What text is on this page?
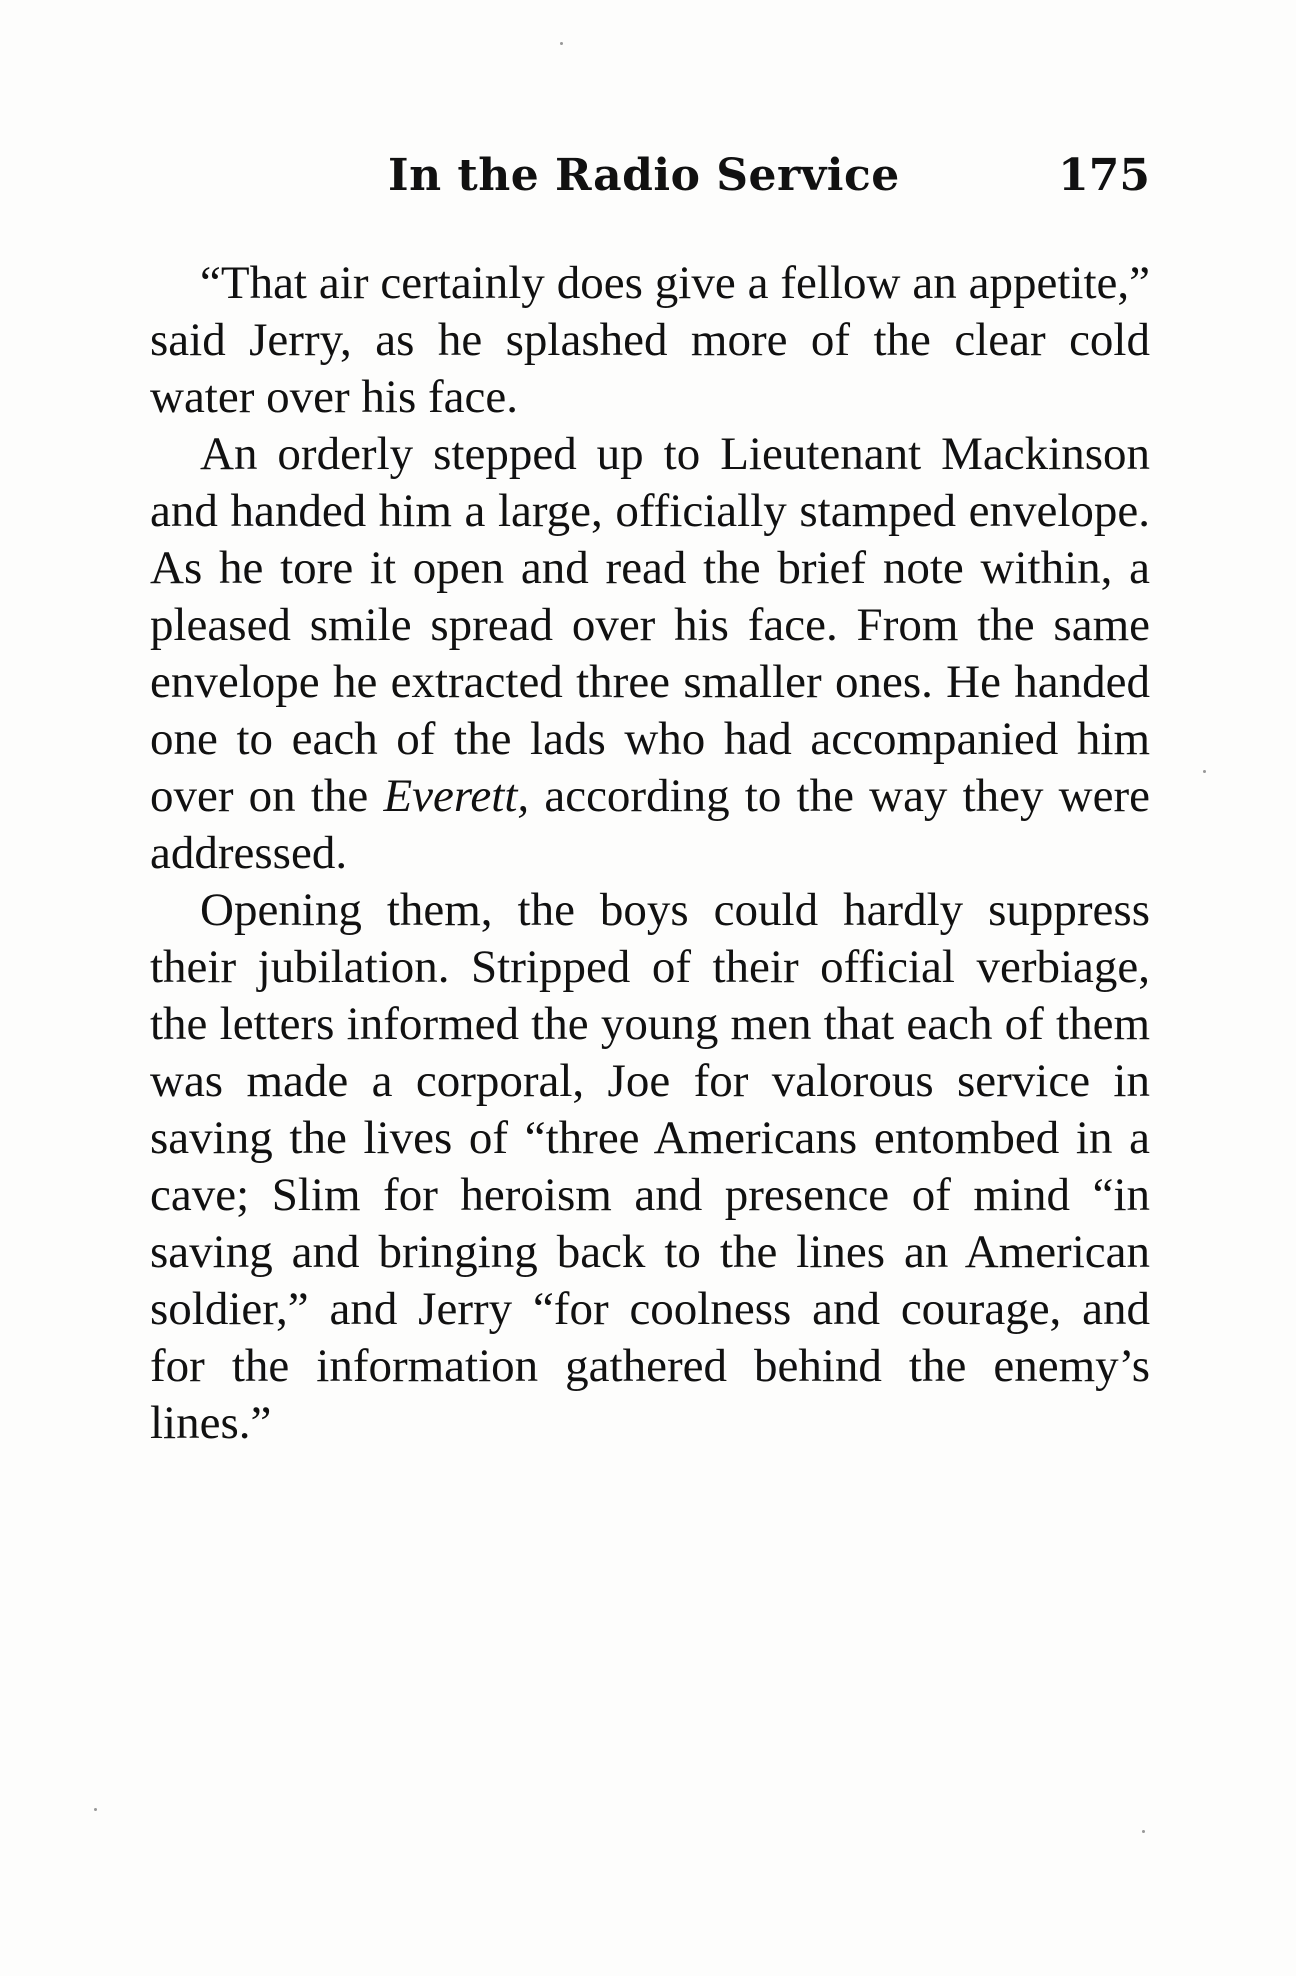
In the Radio Service	175

“That air certainly does give a fellow an appetite,” said Jerry, as he splashed more of the clear cold water over his face.

An orderly stepped up to Lieutenant Mackinson and handed him a large, officially stamped envelope. As he tore it open and read the brief note within, a pleased smile spread over his face. From the same envelope he extracted three smaller ones. He handed one to each of the lads who had accompanied him over on the Everett, according to the way they were addressed.

Opening them, the boys could hardly suppress their jubilation. Stripped of their official verbiage, the letters informed the young men that each of them was made a corporal, Joe for valorous service in saving the lives of “three Americans entombed in a cave; Slim for heroism and presence of mind “in saving and bringing back to the lines an American soldier,” and Jerry “for coolness and courage, and for the information gathered behind the enemy’s lines.”
